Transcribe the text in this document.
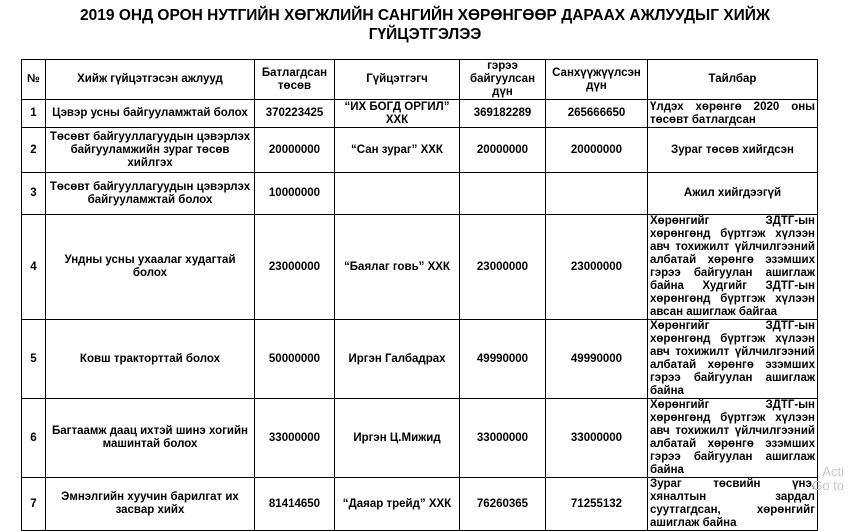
2019 ОНД ОРОН НУТГИЙН ХӨГЖЛИЙН САНГИЙН ХӨРӨНГӨӨР ДАРААХ АЖЛУУДЫГ ХИЙЖ
ГҮЙЦЭТГЭЛЭЭ
№	Хийж гүйцэтгэсэн ажлууд	Батлагдсан төсөв	Гүйцэтгэгч	гэрээ байгуулсан дүн	Санхүүжүүлсэн дүн	Тайлбар
1	Цэвэр усны байгууламжтай болох	370223425	“ИХ БОГД ОРГИЛ” ХХК	369182289	265666650	Үлдэх хөрөнгө 2020 оны төсөвт батлагдсан
2	Төсөвт байгууллагуудын цэвэрлэх байгууламжийн зураг төсөв хийлгэх	20000000	“Сан зураг” ХХК	20000000	20000000	Зураг төсөв хийгдсэн
3	Төсөвт байгууллагуудын цэвэрлэх байгууламжтай болох	10000000				Ажил хийгдээгүй
4	Ундны усны ухаалаг худагтай болох	23000000	“Баялаг говь” ХХК	23000000	23000000	Хөрөнгийг ЗДТГ-ын хөрөнгөнд бүртгэж хүлээн авч тохижилт үйлчилгээний албатай хөрөнгө эзэмших гэрээ байгуулан ашиглаж байна Худгийг ЗДТГ-ын хөрөнгөнд бүртгэж хүлээн авсан ашиглаж байгаа
5	Ковш тракторттай болох	50000000	Иргэн Галбадрах	49990000	49990000	Хөрөнгийг ЗДТГ-ын хөрөнгөнд бүртгэж хүлээн авч тохижилт үйлчилгээний албатай хөрөнгө эзэмших гэрээ байгуулан ашиглаж байна
6	Багтаамж даац ихтэй шинэ хогийн машинтай болох	33000000	Иргэн Ц.Мижид	33000000	33000000	Хөрөнгийг ЗДТГ-ын хөрөнгөнд бүртгэж хүлээн авч тохижилт үйлчилгээний албатай хөрөнгө эзэмших гэрээ байгуулан ашиглаж байна
7	Эмнэлгийн хуучин барилгат их засвар хийх	81414650	“Даяар трейд” ХХК	76260365	71255132	Зураг төсвийн үнэ, хяналтын зардал суутгагдсан, хөрөнгийг ашиглаж байна
Acti
Go to
